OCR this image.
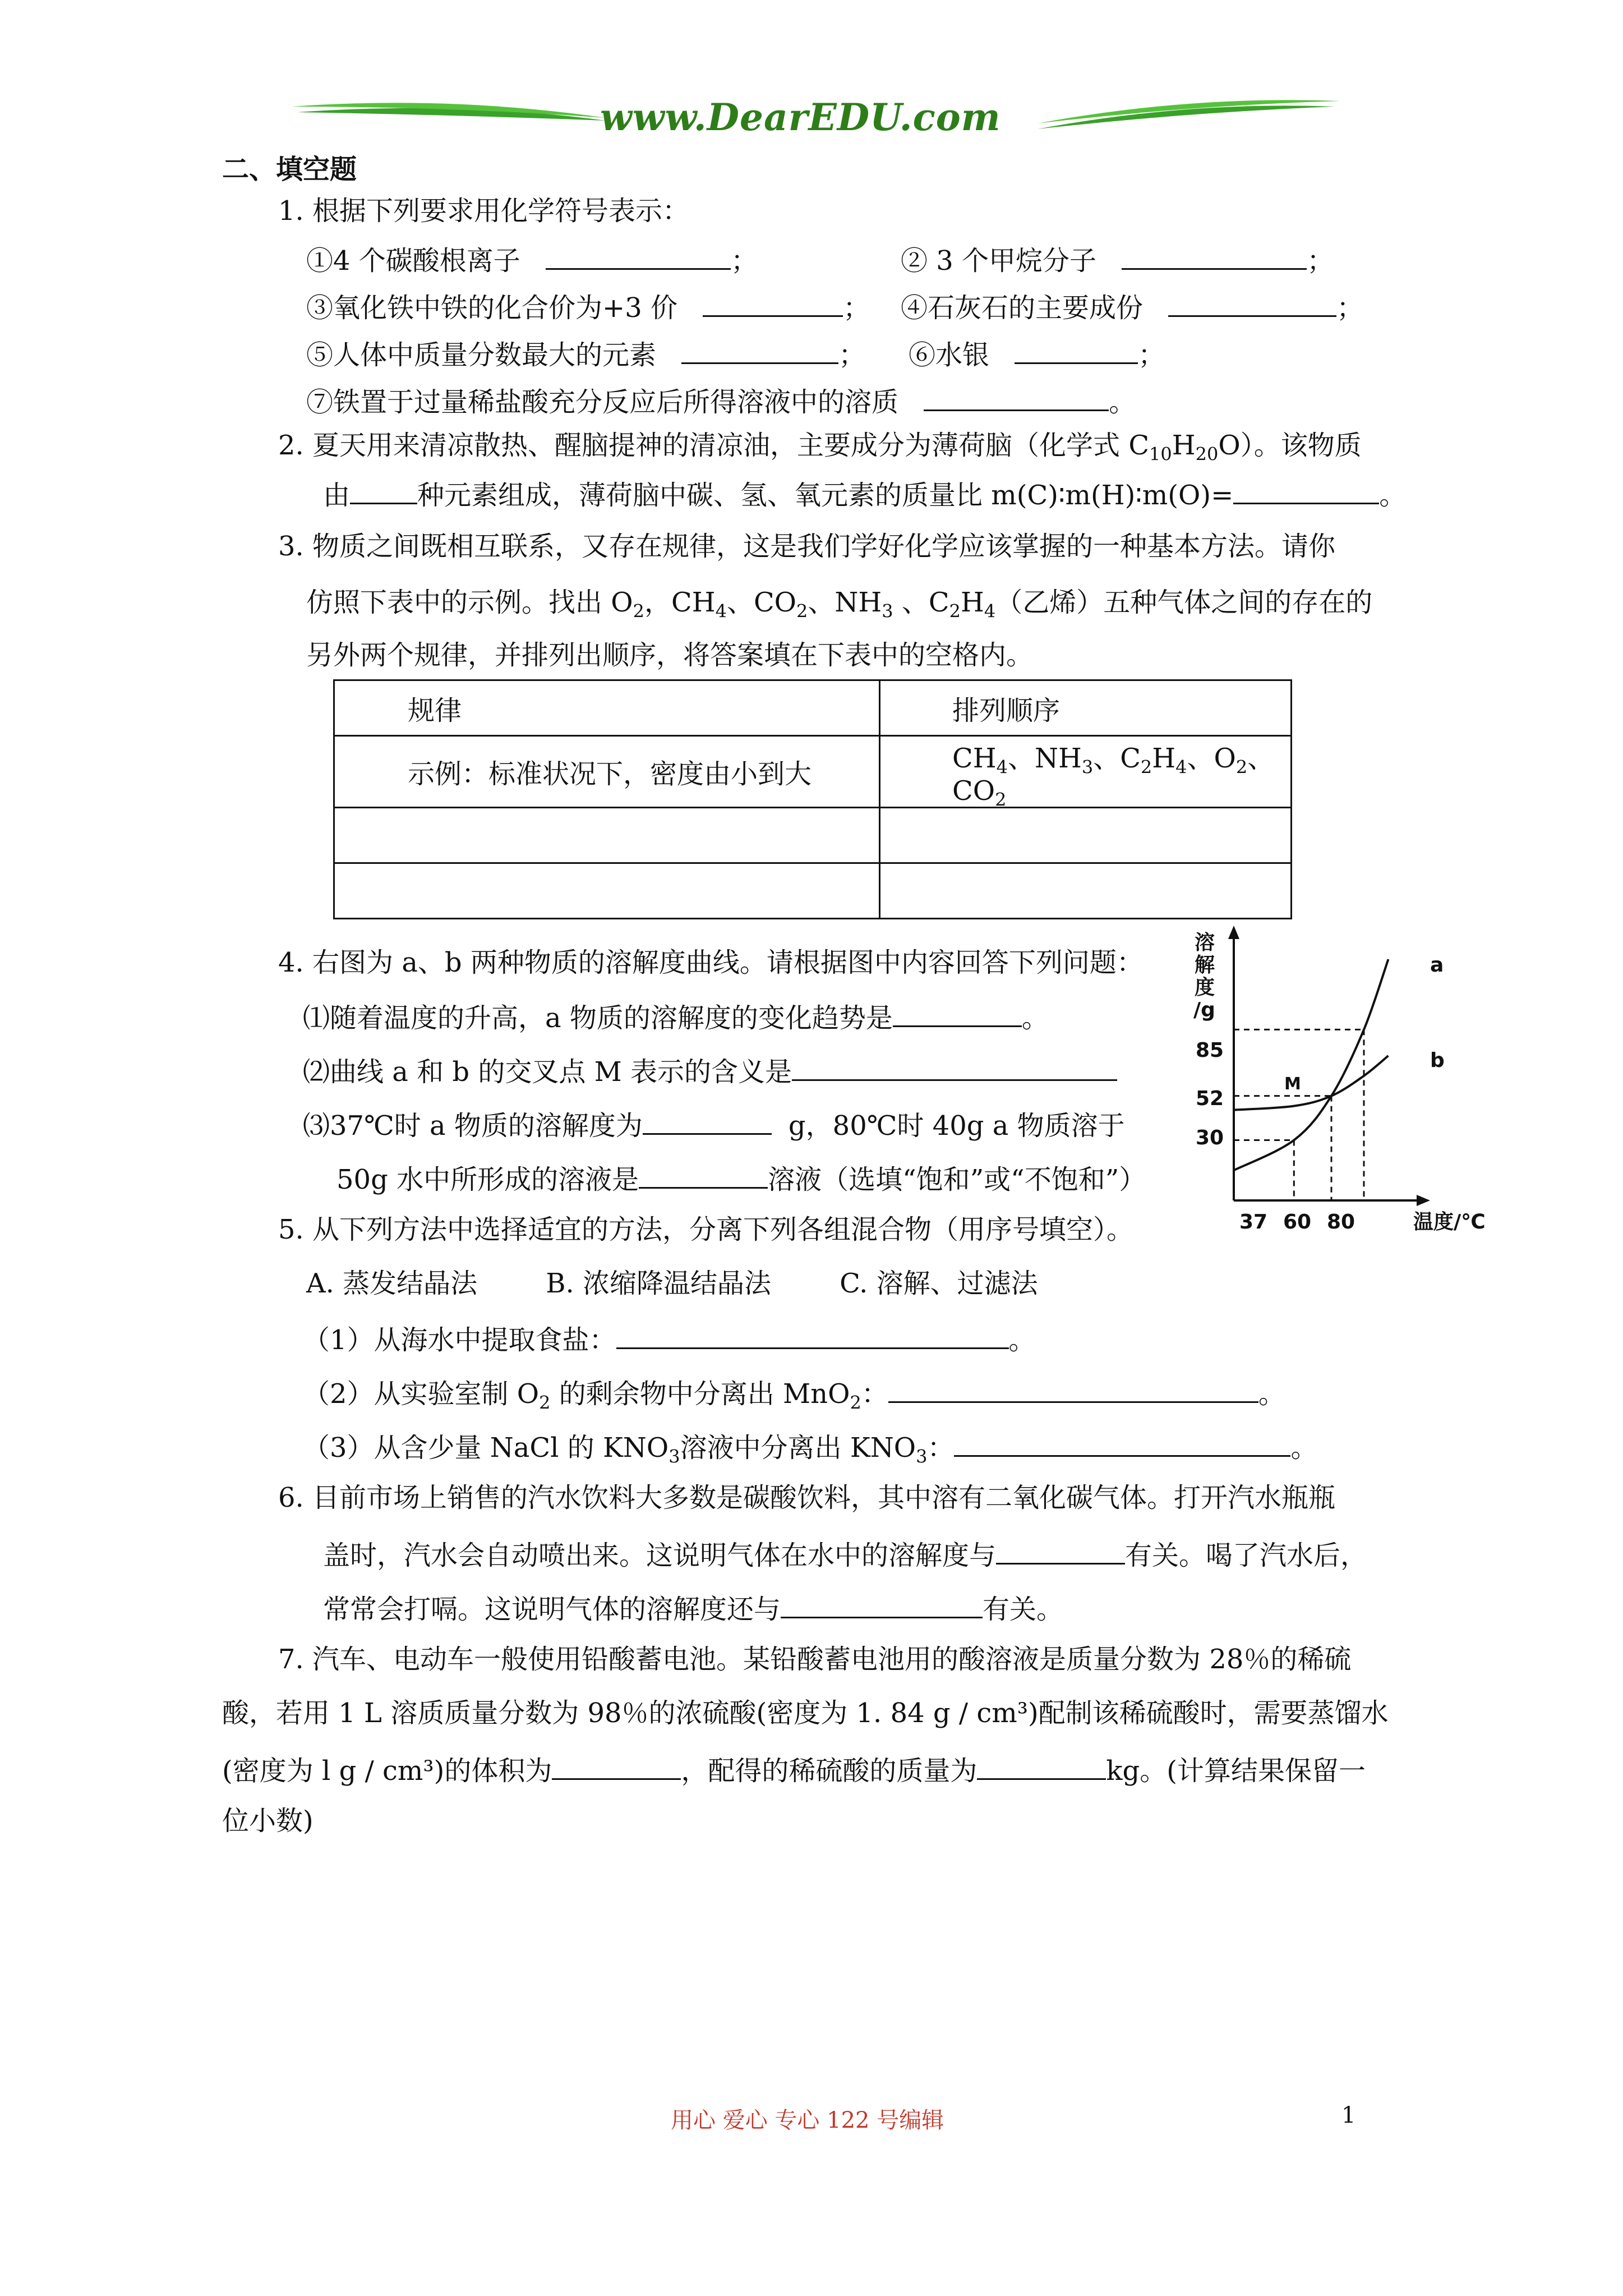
www.DearEDU.com
二、填空题
1. 根据下列要求用化学符号表示：
①4 个碳酸根离子	；	② 3 个甲烷分子	；
③氧化铁中铁的化合价为+3 价	； ④石灰石的主要成份	；
⑤人体中质量分数最大的元素	； ⑥水银	；
⑦铁置于过量稀盐酸充分反应后所得溶液中的溶质	。
2. 夏天用来清凉散热、醒脑提神的清凉油，主要成分为薄荷脑（化学式 $C_{10}H_{20}O$）。该物质
由	种元素组成，薄荷脑中碳、氢、氧元素的质量比 m(C)∶m(H)∶m(O)=	。
3. 物质之间既相互联系，又存在规律，这是我们学好化学应该掌握的一种基本方法。请你
仿照下表中的示例。找出 $O_2$，$CH_4$、$CO_2$、$NH_3$ 、$C_2H_4$（乙烯）五种气体之间的存在的
另外两个规律，并排列出顺序，将答案填在下表中的空格内。
规律	排列顺序
示例：标准状况下，密度由小到大	$CH_4$、$NH_3$、$C_2H_4$、$O_2$、$CO_2$

4. 右图为 a、b 两种物质的溶解度曲线。请根据图中内容回答下列问题：
⑴随着温度的升高，a 物质的溶解度的变化趋势是	。
⑵曲线 a 和 b 的交叉点 M 表示的含义是
⑶37℃时 a 物质的溶解度为	g，80℃时 40g a 物质溶于
50g 水中所形成的溶液是	溶液（选填“饱和”或“不饱和”）
溶
解
度
/g
温度/℃
85
52
30
37 60 80
a
b
M
5. 从下列方法中选择适宜的方法，分离下列各组混合物（用序号填空）。
A. 蒸发结晶法        B. 浓缩降温结晶法        C. 溶解、过滤法
（1）从海水中提取食盐：	。
（2）从实验室制 $O_2$ 的剩余物中分离出 MnO$_2$：	。
（3）从含少量 NaCl 的 $KNO_3$溶液中分离出 $KNO_3$：	。
6. 目前市场上销售的汽水饮料大多数是碳酸饮料，其中溶有二氧化碳气体。打开汽水瓶瓶
盖时，汽水会自动喷出来。这说明气体在水中的溶解度与	有关。喝了汽水后，
常常会打嗝。这说明气体的溶解度还与	有关。
7. 汽车、电动车一般使用铅酸蓄电池。某铅酸蓄电池用的酸溶液是质量分数为 28％的稀硫
酸，若用 1 L 溶质质量分数为 98％的浓硫酸(密度为 1. 84 g / cm³)配制该稀硫酸时，需要蒸馏水
(密度为 l g / cm³)的体积为	，配得的稀硫酸的质量为	kg。(计算结果保留一
位小数)
用心 爱心 专心 122 号编辑	1
